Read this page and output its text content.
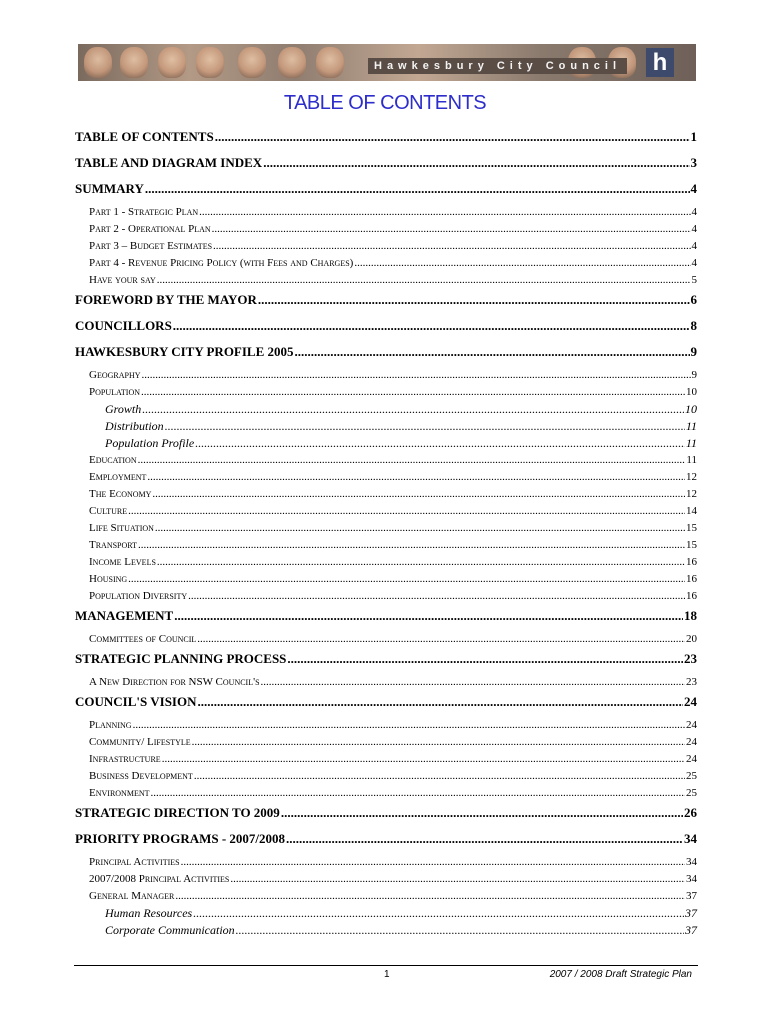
Hawkesbury City Council h
TABLE OF CONTENTS
TABLE OF CONTENTS .....	1
TABLE AND DIAGRAM INDEX .....	3
SUMMARY .....	4
Part 1 - Strategic Plan .....	4
Part 2 - Operational Plan .....	4
Part 3 – Budget Estimates .....	4
Part 4 - Revenue Pricing Policy (with Fees and Charges) .....	4
Have your say .....	5
FOREWORD BY THE MAYOR .....	6
COUNCILLORS .....	8
HAWKESBURY CITY PROFILE 2005 .....	9
Geography .....	9
Population .....	10
Growth .....	10
Distribution .....	11
Population Profile .....	11
Education .....	11
Employment .....	12
The Economy .....	12
Culture .....	14
Life Situation .....	15
Transport .....	15
Income Levels .....	16
Housing .....	16
Population Diversity .....	16
MANAGEMENT .....	18
Committees of Council .....	20
STRATEGIC PLANNING PROCESS .....	23
A New Direction for NSW Council's .....	23
COUNCIL'S VISION .....	24
Planning .....	24
Community/ Lifestyle .....	24
Infrastructure .....	24
Business Development .....	25
Environment .....	25
STRATEGIC DIRECTION TO 2009 .....	26
PRIORITY PROGRAMS - 2007/2008 .....	34
Principal Activities .....	34
2007/2008 Principal Activities .....	34
General Manager .....	37
Human Resources .....	37
Corporate Communication .....	37
1	2007 / 2008 Draft Strategic Plan
